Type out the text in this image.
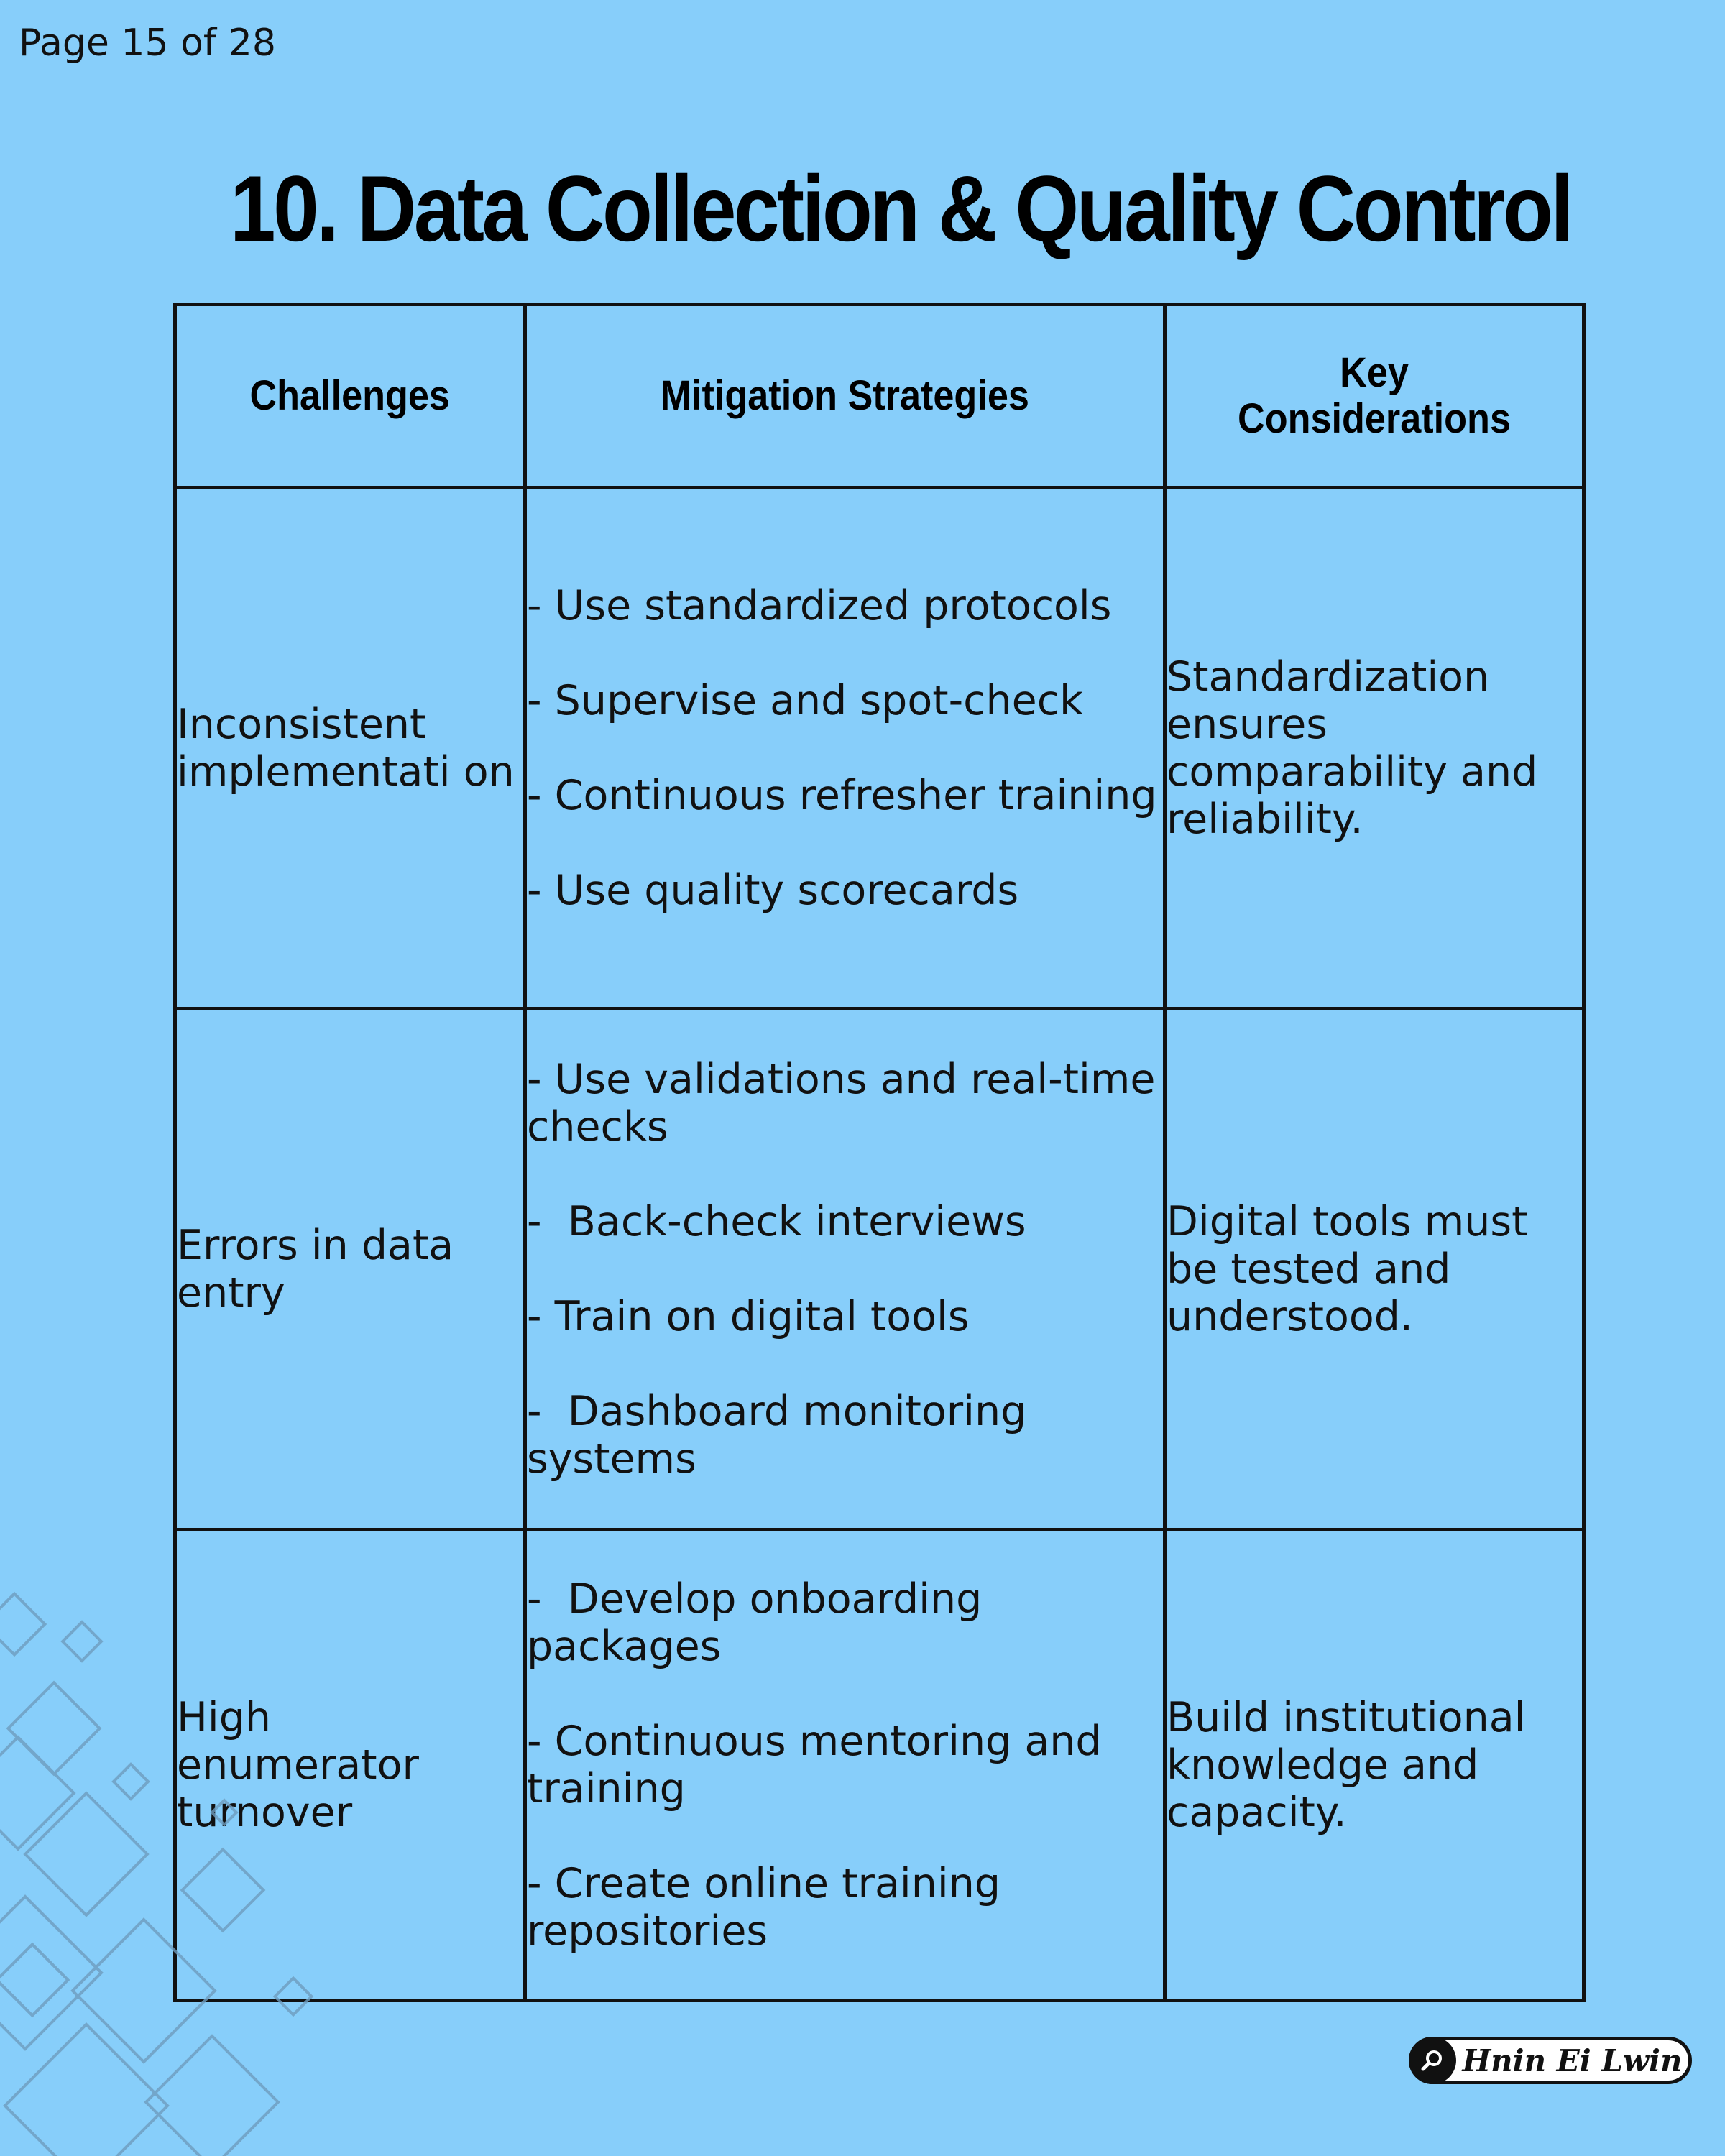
Page 15 of 28
10. Data Collection & Quality Control
Challenges	Mitigation Strategies	Key Considerations
Inconsistent implementati on	- Use standardized protocols
- Supervise and spot-check
- Continuous refresher training
- Use quality scorecards	Standardization ensures comparability and reliability.
Errors in data entry	- Use validations and real-time checks
-  Back-check interviews
- Train on digital tools
-  Dashboard monitoring systems	Digital tools must be tested and understood.
High enumerator turnover	-  Develop onboarding packages
- Continuous mentoring and training
- Create online training repositories	Build institutional knowledge and capacity.
Hnin Ei Lwin
